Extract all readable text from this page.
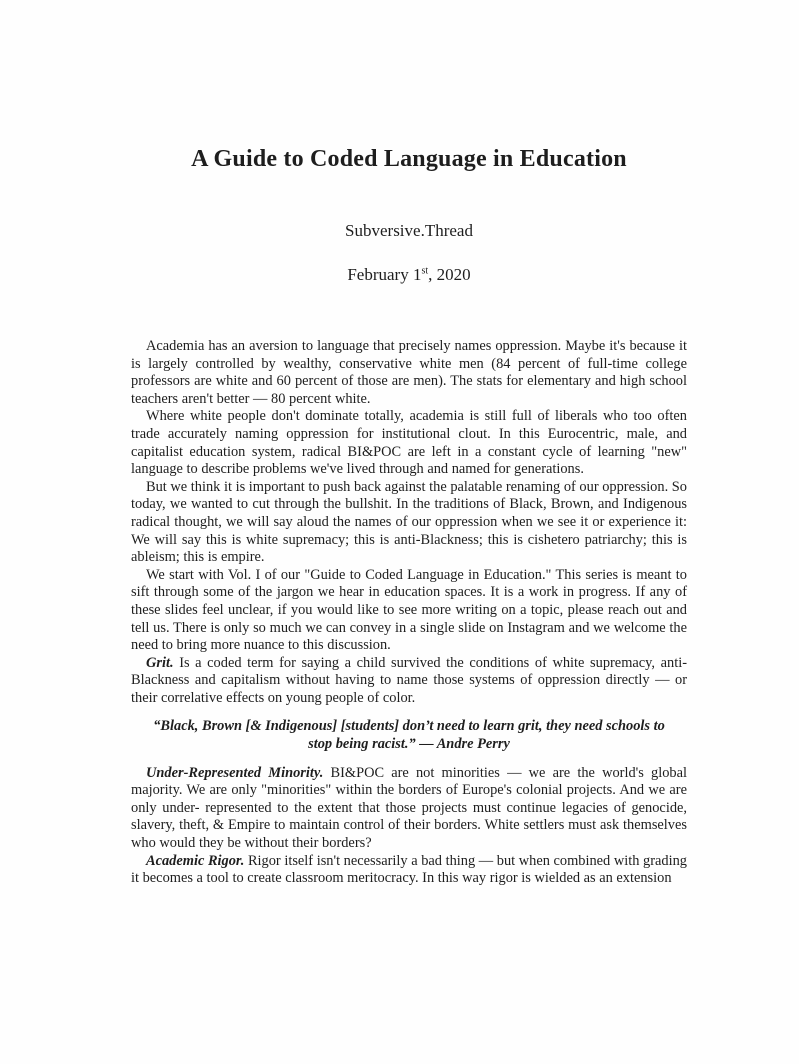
A Guide to Coded Language in Education
Subversive.Thread
February 1st, 2020

Academia has an aversion to language that precisely names oppression. Maybe it's because it is largely controlled by wealthy, conservative white men (84 percent of full-time college professors are white and 60 percent of those are men). The stats for elementary and high school teachers aren't better — 80 percent white.

Where white people don't dominate totally, academia is still full of liberals who too often trade accurately naming oppression for institutional clout. In this Eurocentric, male, and capitalist education system, radical BI&POC are left in a constant cycle of learning "new" language to describe problems we've lived through and named for generations.

But we think it is important to push back against the palatable renaming of our oppression. So today, we wanted to cut through the bullshit. In the traditions of Black, Brown, and Indigenous radical thought, we will say aloud the names of our oppression when we see it or experience it: We will say this is white supremacy; this is anti-Blackness; this is cishetero patriarchy; this is ableism; this is empire.

We start with Vol. I of our "Guide to Coded Language in Education." This series is meant to sift through some of the jargon we hear in education spaces. It is a work in progress. If any of these slides feel unclear, if you would like to see more writing on a topic, please reach out and tell us. There is only so much we can convey in a single slide on Instagram and we welcome the need to bring more nuance to this discussion.

Grit. Is a coded term for saying a child survived the conditions of white supremacy, anti-Blackness and capitalism without having to name those systems of oppression directly — or their correlative effects on young people of color.

“Black, Brown [& Indigenous] [students] don’t need to learn grit, they need schools to stop being racist.” — Andre Perry

Under-Represented Minority. BI&POC are not minorities — we are the world's global majority. We are only "minorities" within the borders of Europe's colonial projects. And we are only under- represented to the extent that those projects must continue legacies of genocide, slavery, theft, & Empire to maintain control of their borders. White settlers must ask themselves who would they be without their borders?

Academic Rigor. Rigor itself isn't necessarily a bad thing — but when combined with grading it becomes a tool to create classroom meritocracy. In this way rigor is wielded as an extension
